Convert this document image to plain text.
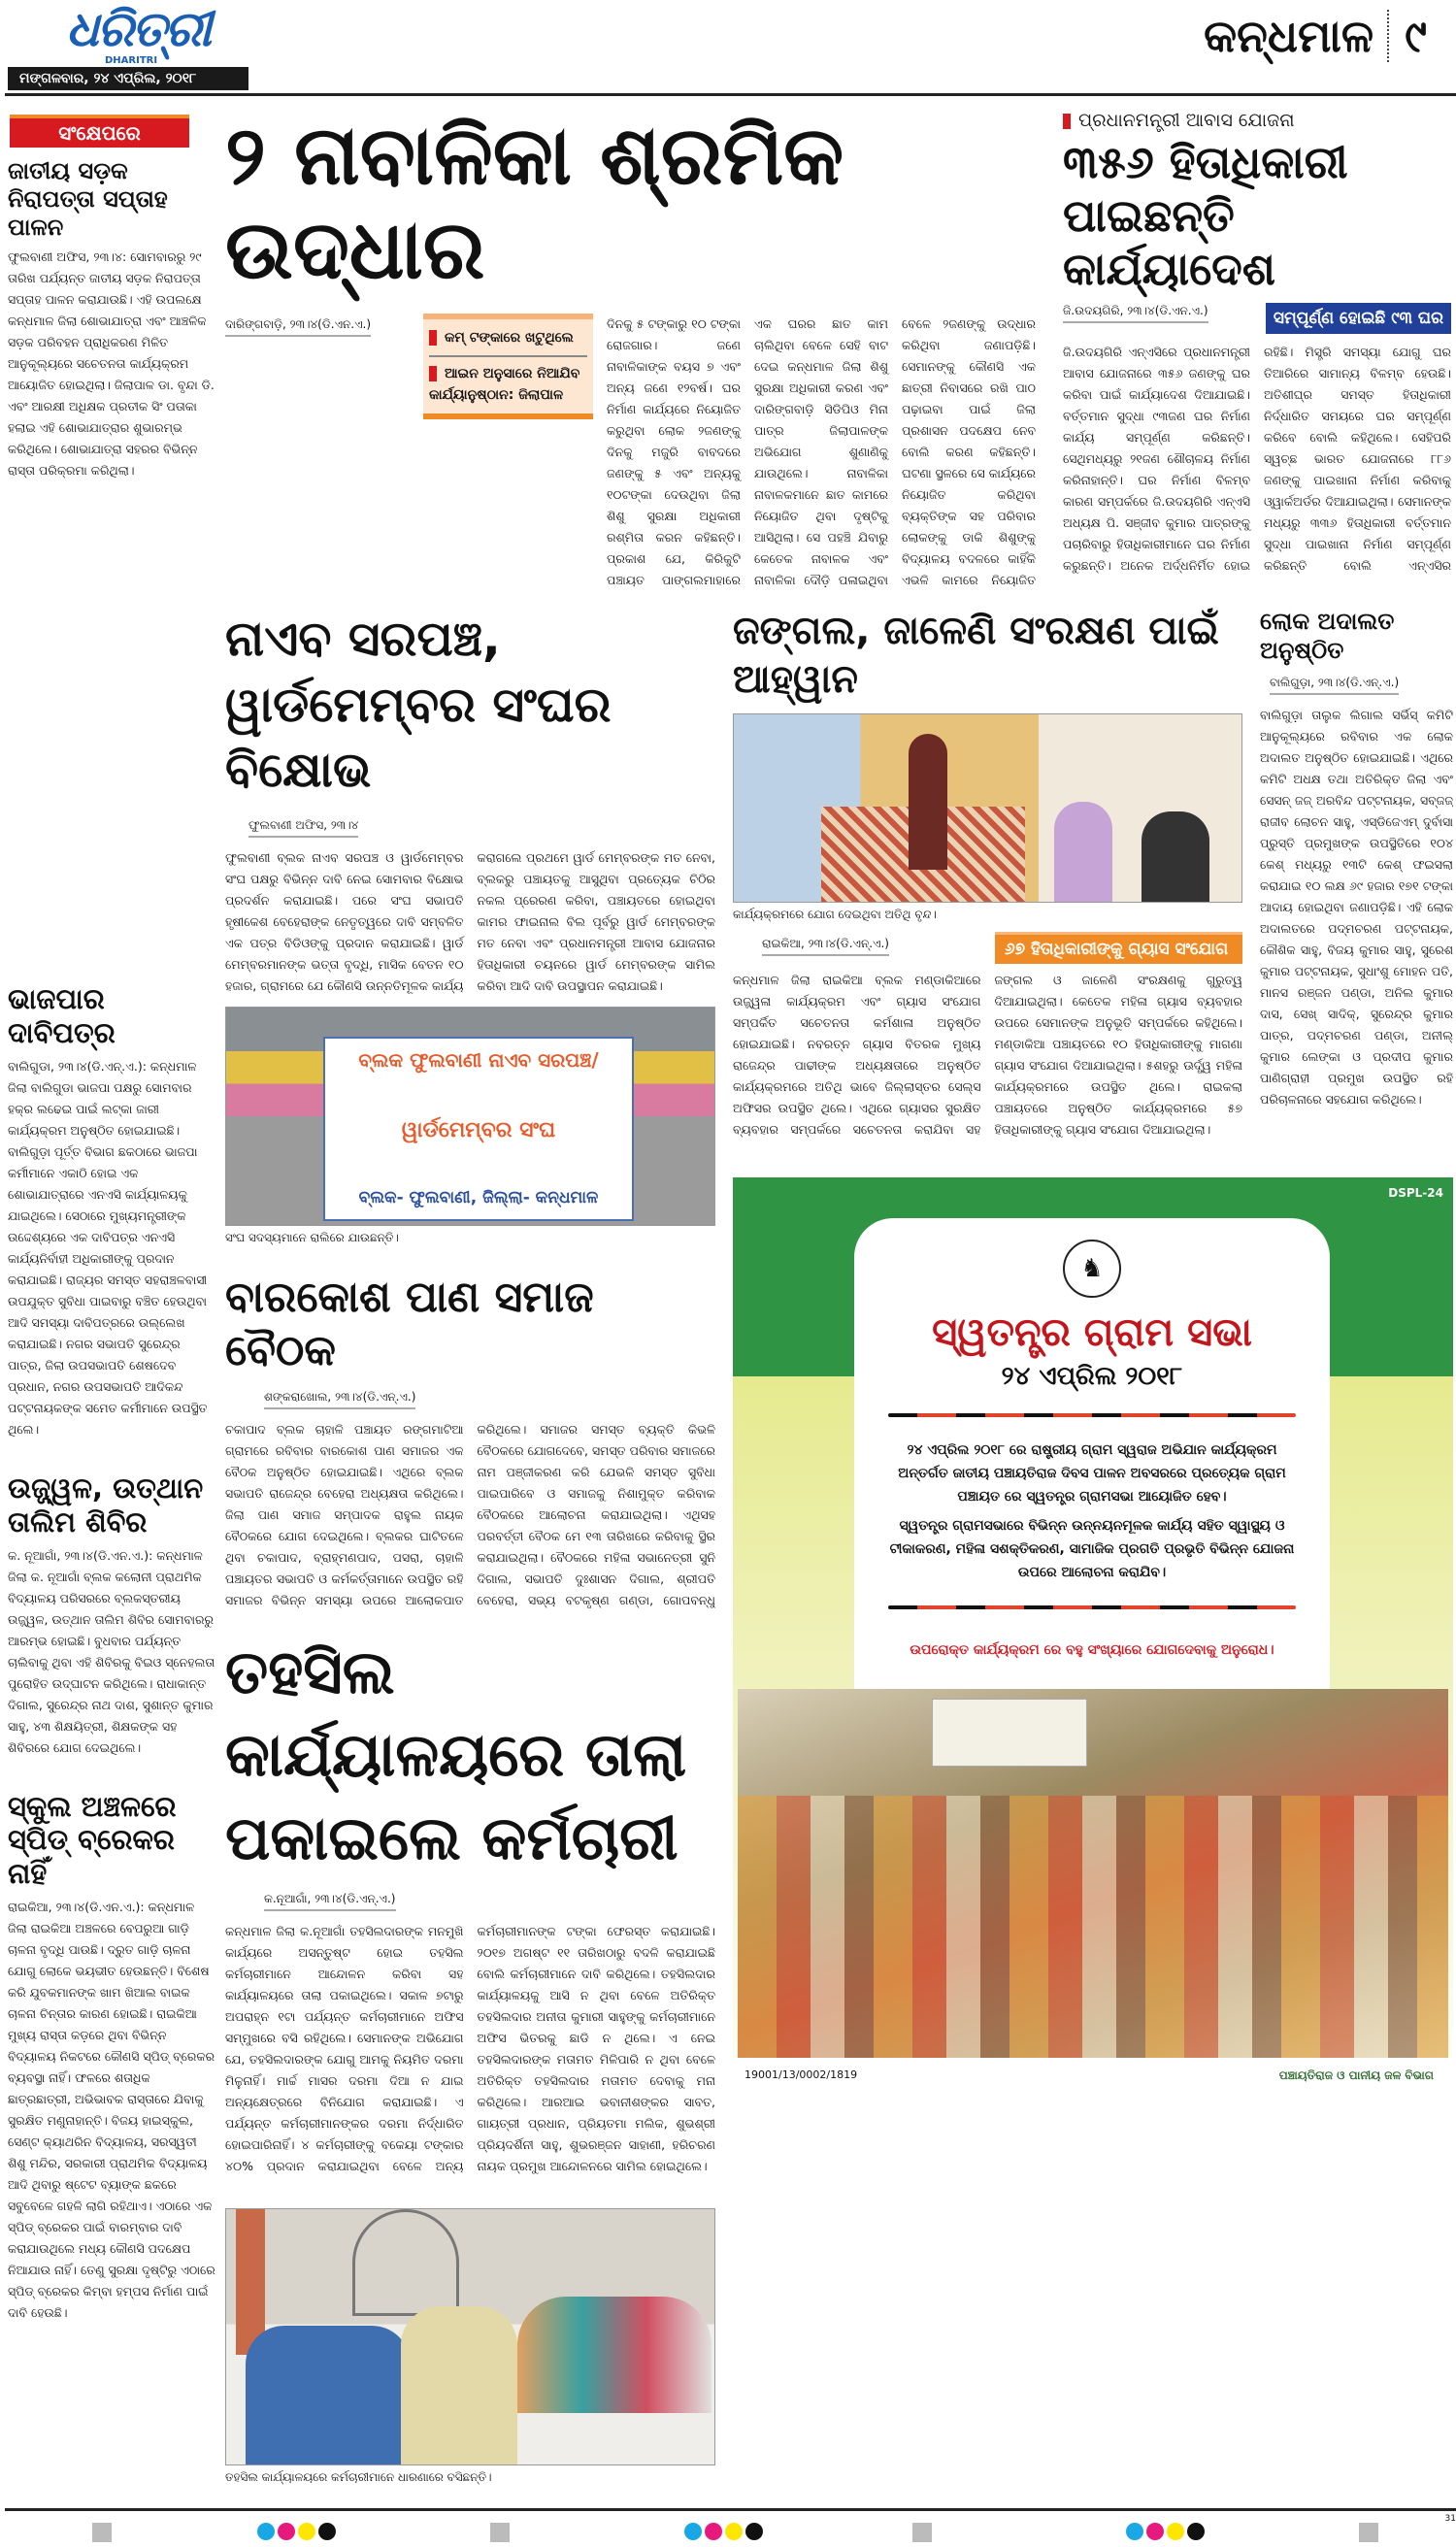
ଧରିତ୍ରୀ
DHARITRI
ମଙ୍ଗଳବାର, ୨୪ ଏପ୍ରିଲ, ୨୦୧୮
କନ୍ଧମାଳ ୯
ସଂକ୍ଷେପରେ
ଜାତୀୟ ସଡ଼କ ନିରାପତ୍ତା ସପ୍ତାହ ପାଳନ

ଫୁଲବାଣୀ ଅଫିସ, ୨୩।୪: ସୋମବାରରୁ ୨୯ ତାରିଖ ପର୍ଯ୍ୟନ୍ତ ଜାତୀୟ ସଡ଼କ ନିରାପତ୍ତା ସପ୍ତାହ ପାଳନ କରାଯାଉଛି। ଏହି ଉପଲକ୍ଷେ କନ୍ଧମାଳ ଜିଲା ଶୋଭାଯାତ୍ରା ଏବଂ ଆଞ୍ଚଳିକ ସଡ଼କ ପରିବହନ ପ୍ରାଧିକରଣ ମିଳିତ ଆନୁକୂଲ୍ୟରେ ସଚେତନତା କାର୍ଯ୍ୟକ୍ରମ ଆୟୋଜିତ ହୋଇଥିଲା। ଜିଲାପାଳ ଡା. ବୃନ୍ଦା ଡି. ଏବଂ ଆରକ୍ଷୀ ଅଧିକ୍ଷକ ପ୍ରତୀକ ସିଂ ପତାକା ହଲାଇ ଏହି ଶୋଭାଯାତ୍ରାର ଶୁଭାରମ୍ଭ କରିଥିଲେ। ଶୋଭାଯାତ୍ରା ସହରର ବିଭିନ୍ନ ରାସ୍ତା ପରିକ୍ରମା କରିଥିଲା।

ଭାଜପାର ଦାବିପତ୍ର

ବାଲିଗୁଡା, ୨୩।୪(ଡି.ଏନ୍.ଏ.): କନ୍ଧମାଳ ଜିଲା ବାଲିଗୁଡା ଭାଜପା ପକ୍ଷରୁ ସୋମବାର ହକ୍‌ର ଲଢେଇ ପାଇଁ ଲଟ୍‌କା ଜାରୀ କାର୍ଯ୍ୟକ୍ରମ ଅନୁଷ୍ଠିତ ହୋଇଯାଇଛି। ବାଲିଗୁଡ଼ା ପୂର୍ତ୍ତ ବିଭାଗ ଛକଠାରେ ଭାଜପା କର୍ମୀମାନେ ଏକାଠି ହୋଇ ଏକ ଶୋଭାଯାତ୍ରାରେ ଏନଏସି କାର୍ଯ୍ୟାଳୟକୁ ଯାଇଥିଲେ। ସେଠାରେ ମୁଖ୍ୟମନ୍ତ୍ରୀଙ୍କ ଉଦ୍ଦେଶ୍ୟରେ ଏକ ଦାବିପତ୍ର ଏନଏସି କାର୍ଯ୍ୟନିର୍ବାହୀ ଅଧିକାରୀଙ୍କୁ ପ୍ରଦାନ କରାଯାଇଛି। ରାଜ୍ୟର ସମସ୍ତ ସହରାଞ୍ଚଳବାସୀ ଉପଯୁକ୍ତ ସୁବିଧା ପାଇବାରୁ ବଞ୍ଚିତ ହେଉଥିବା ଆଦି ସମସ୍ୟା ଦାବିପତ୍ରରେ ଉଲ୍ଲେଖ କରାଯାଇଛି। ନଗର ସଭାପତି ସୁରେନ୍ଦ୍ର ପାତ୍ର, ଜିଲା ଉପସଭାପତି ଶେଷଦେବ ପ୍ରଧାନ, ନଗର ଉପସଭାପତି ଆଦିକନ୍ଦ ପଟ୍ଟନାୟକଙ୍କ ସମେତ କର୍ମୀମାନେ ଉପସ୍ଥିତ ଥିଲେ।

ଉଜ୍ଜ୍ୱଳ, ଉତ୍‌ଥାନ ତାଲିମ ଶିବିର

କ. ନୂଆଗାଁ, ୨୩।୪(ଡି.ଏନ.ଏ.): କନ୍ଧମାଳ ଜିଲା କ. ନୂଆଗାଁ ବ୍ଲକ କଲୋନୀ ପ୍ରାଥମିକ ବିଦ୍ୟାଳୟ ପରିସରରେ ବ୍ଲକସ୍ତରୀୟ ଉଜ୍ଜ୍ୱଳ, ଉତ୍‌ଥାନ ତାଲିମ ଶିବିର ସୋମବାରରୁ ଆରମ୍ଭ ହୋଇଛି। ବୁଧବାର ପର୍ଯ୍ୟନ୍ତ ଚାଲିବାକୁ ଥିବା ଏହି ଶିବିରକୁ ବିଇଓ ସ୍ନେହଲତା ପୁରୋହିତ ଉଦ୍‌ଘାଟନ କରିଥିଲେ। ରାଧାକାନ୍ତ ଦିଗାଲ, ସୁରେନ୍ଦ୍ର ନାଥ ଦାଶ, ସୁଶାନ୍ତ କୁମାର ସାହୁ, ୪୩ ଶିକ୍ଷୟିତ୍ରୀ, ଶିକ୍ଷକଙ୍କ ସହ ଶିବିରରେ ଯୋଗ ଦେଇଥିଲେ।

ସ୍କୁଲ ଅଞ୍ଚଳରେ ସ୍ପିଡ୍ ବ୍ରେକର ନାହିଁ

ରାଇକିଆ, ୨୩।୪(ଡି.ଏନ.ଏ.): କନ୍ଧମାଳ ଜିଲା ରାଇକିଆ ଅଞ୍ଚଳରେ ବେପରୁଆ ଗାଡ଼ି ଚାଳନା ବୃଦ୍ଧି ପାଉଛି। ଦ୍ରୁତ ଗାଡ଼ି ଚାଳନା ଯୋଗୁ ଲୋକେ ଭୟଭୀତ ହେଉଛନ୍ତି। ବିଶେଷ କରି ଯୁବକମାନଙ୍କ ଖାମ ଖିଆଲ ବାଇକ ଚାଳନା ଚିନ୍ତାର କାରଣ ହୋଇଛି। ରାଇକିଆ ମୁଖ୍ୟ ରାସ୍ତା କଡ଼ରେ ଥିବା ବିଭିନ୍ନ ବିଦ୍ୟାଳୟ ନିକଟରେ କୌଣସି ସ୍ପିଡ୍ ବ୍ରେକର ବ୍ୟବସ୍ଥା ନାହିଁ। ଫଳରେ ଶତାଧିକ ଛାତ୍ରଛାତ୍ରୀ, ଅଭିଭାବକ ରାସ୍ତାରେ ଯିବାକୁ ସୁରକ୍ଷିତ ମଣୁନାହାନ୍ତି। ବିଜୟ ହାଇସ୍କୁଲ, ସେଣ୍ଟ କ୍ୟାଥରିନ ବିଦ୍ୟାଳୟ, ସରସ୍ୱତୀ ଶିଶୁ ମନ୍ଦିର, ସରକାରୀ ପ୍ରାଥମିକ ବିଦ୍ୟାଳୟ ଆଦି ଥିବାରୁ ଷ୍ଟେଟ ବ୍ୟାଙ୍କ ଛକରେ ସବୁବେଳେ ଗହଳି ଲାଗି ରହିଥାଏ। ଏଠାରେ ଏକ ସ୍ପିଡ୍ ବ୍ରେକର ପାଇଁ ବାରମ୍ବାର ଦାବି କରାଯାଉଥିଲେ ମଧ୍ୟ କୌଣସି ପଦକ୍ଷେପ ନିଆଯାଉ ନାହିଁ। ତେଣୁ ସୁରକ୍ଷା ଦୃଷ୍ଟିରୁ ଏଠାରେ ସ୍ପିଡ୍ ବ୍ରେକର କିମ୍ବା ହମ୍ପସ ନିର୍ମାଣ ପାଇଁ ଦାବି ହେଉଛି।

୨ ନାବାଳିକା ଶ୍ରମିକ ଉଦ୍ଧାର
ଦାରିଙ୍ଗବାଡ଼ି, ୨୩।୪(ଡି.ଏନ.ଏ.)
କମ୍ ଟଙ୍କାରେ ଖଟୁଥିଲେ
ଆଇନ ଅନୁସାରେ ନିଆଯିବ କାର୍ଯ୍ୟାନୁଷ୍ଠାନ: ଜିଲାପାଳ

ଦିନକୁ ୫ ଟଙ୍କାରୁ ୧୦ ଟଙ୍କା ରୋଜଗାର। ଜଣେ ନାବାଳିକାଙ୍କ ବୟସ ୭ ଏବଂ ଅନ୍ୟ ଜଣେ ୧୨ବର୍ଷ। ଘର ନିର୍ମାଣ କାର୍ଯ୍ୟରେ ନିୟୋଜିତ କରୁଥିବା ଲୋକ ୨ଜଣଙ୍କୁ ଦିନକୁ ମଜୁରି ବାବଦରେ ଜଣଙ୍କୁ ୫ ଏବଂ ଅନ୍ୟକୁ ୧୦ଟଙ୍କା ଦେଉଥିବା ଜିଲା ଶିଶୁ ସୁରକ୍ଷା ଅଧିକାରୀ ରଶ୍ମିତା କରନ କହିଛନ୍ତି। ପ୍ରକାଶ ଯେ, କିରିକୁଟି ପଞ୍ଚାୟତ ପାଙ୍ଗଲମାହାରେ ଏକ ଘରର ଛାତ କାମ ଚାଲିଥିବା ବେଳେ ସେହି ବାଟ ଦେଇ କନ୍ଧମାଳ ଜିଲା ଶିଶୁ ସୁରକ୍ଷା ଅଧିକାରୀ କରଣ ଏବଂ ଦାରିଙ୍ଗବାଡ଼ି ସିଡିପିଓ ମିନା ପାତ୍ର ଜିଲାପାଳଙ୍କ ଅଭିଯୋଗ ଶୁଣାଣିକୁ ଯାଉଥିଲେ। ନାବାଳିକା ନାବାଳକମାନେ ଛାତ କାମରେ ନିୟୋଜିତ ଥିବା ଦୃଷ୍ଟିକୁ ଆସିଥିଲା। ସେ ପହଞ୍ଚି ଯିବାରୁ କେତେକ ନାବାଳକ ଏବଂ ନାବାଳିକା ଦୌଡ଼ି ପଳାଇଥିବା ବେଳେ ୨ଜଣଙ୍କୁ ଉଦ୍ଧାର କରିଥିବା ଜଣାପଡ଼ିଛି। ସେମାନଙ୍କୁ କୌଣସି ଏକ ଛାତ୍ରୀ ନିବାସରେ ରଖି ପାଠ ପଢ଼ାଇବା ପାଇଁ ଜିଲା ପ୍ରଶାସନ ପଦକ୍ଷେପ ନେବ ବୋଲି କରଣ କହିଛନ୍ତି। ଘଟଣା ସ୍ଥଳରେ ସେ କାର୍ଯ୍ୟରେ ନିୟୋଜିତ କରିଥିବା ବ୍ୟକ୍ତିଙ୍କ ସହ ପରିବାର ଲୋକଙ୍କୁ ଡାକି ଶିଶୁଙ୍କୁ ବିଦ୍ୟାଳୟ ବଦଳରେ କାହିଁକି ଏଭଳି କାମରେ ନିୟୋଜିତ

ପ୍ରଧାନମନ୍ତ୍ରୀ ଆବାସ ଯୋଜନା
୩୫୬ ହିତାଧିକାରୀ ପାଇଛନ୍ତି କାର୍ଯ୍ୟାଦେଶ
ଜି.ଉଦୟଗିରି, ୨୩।୪(ଡି.ଏନ.ଏ.)	ସମ୍ପୂର୍ଣ୍ଣ ହୋଇଛି ୯୩ ଘର

ଜି.ଉଦୟଗିରି ଏନ୍‌ଏସିରେ ପ୍ରଧାନମନ୍ତ୍ରୀ ଆବାସ ଯୋଜନାରେ ୩୫୬ ଜଣଙ୍କୁ ଘର କରିବା ପାଇଁ କାର୍ଯ୍ୟାଦେଶ ଦିଆଯାଇଛି। ବର୍ତ୍ତମାନ ସୁଦ୍ଧା ୯୩ଜଣ ଘର ନିର୍ମାଣ କାର୍ଯ୍ୟ ସମ୍ପୂର୍ଣ୍ଣ କରିଛନ୍ତି। ସେଥିମଧ୍ୟରୁ ୨୧ଜଣ ଶୌଚାଳୟ ନିର୍ମାଣ କରିନାହାନ୍ତି। ଘର ନିର୍ମାଣ ବିଳମ୍ବ କାରଣ ସମ୍ପର୍କରେ ଜି.ଉଦୟଗିରି ଏନ୍‌ଏସି ଅଧ୍ୟକ୍ଷ ପି. ସଞ୍ଜୀବ କୁମାର ପାତ୍ରଙ୍କୁ ପଚାରିବାରୁ ହିତାଧିକାରୀମାନେ ଘର ନିର୍ମାଣ କରୁଛନ୍ତି। ଅନେକ ଅର୍ଦ୍ଧନିର୍ମିତ ହୋଇ ରହିଛି। ମିସ୍ତ୍ରି ସମସ୍ୟା ଯୋଗୁ ଘର ତିଆରିରେ ସାମାନ୍ୟ ବିଳମ୍ବ ହେଉଛି। ଅତିଶୀଘ୍ର ସମସ୍ତ ହିତାଧିକାରୀ ନିର୍ଦ୍ଧାରିତ ସମୟରେ ଘର ସମ୍ପୂର୍ଣ୍ଣ କରିବେ ବୋଲି କହିଥିଲେ। ସେହିପରି ସ୍ୱଚ୍ଛ ଭାରତ ଯୋଜନାରେ ୮୮୬ ଜଣଙ୍କୁ ପାଇଖାନା ନିର୍ମାଣ କରିବାକୁ ଓ୍ୱାର୍କଅର୍ଡର ଦିଆଯାଇଥିଲା। ସେମାନଙ୍କ ମଧ୍ୟରୁ ୩୩୬ ହିତାଧିକାରୀ ବର୍ତ୍ତମାନ ସୁଦ୍ଧା ପାଇଖାନା ନିର୍ମାଣ ସମ୍ପୂର୍ଣ୍ଣ କରିଛନ୍ତି ବୋଲି ଏନ୍‌ଏସିର

ନାଏବ ସରପଞ୍ଚ, ୱାର୍ଡମେମ୍ବର ସଂଘର ବିକ୍ଷୋଭ
ଫୁଲବାଣୀ ଅଫିସ, ୨୩।୪

ଫୁଲବାଣୀ ବ୍ଲକ ନାଏବ ସରପଞ୍ଚ ଓ ୱାର୍ଡମେମ୍ବର ସଂଘ ପକ୍ଷରୁ ବିଭିନ୍ନ ଦାବି ନେଇ ସୋମବାର ବିକ୍ଷୋଭ ପ୍ରଦର୍ଶନ କରାଯାଇଛି। ପରେ ସଂଘ ସଭାପତି ହୃଷୀକେଶ ବେହେରାଙ୍କ ନେତୃତ୍ୱରେ ଦାବି ସମ୍ବଳିତ ଏକ ପତ୍ର ବିଡିଓଙ୍କୁ ପ୍ରଦାନ କରାଯାଇଛି। ୱାର୍ଡ ମେମ୍ବରମାନଙ୍କ ଭତ୍ତା ବୃଦ୍ଧି, ମାସିକ ବେତନ ୧୦ ହଜାର, ଗ୍ରାମରେ ଯେ କୌଣସି ଉନ୍ନତିମୂଳକ କାର୍ଯ୍ୟ କରାଗଲେ ପ୍ରଥମେ ୱାର୍ଡ ମେମ୍ବରଙ୍କ ମତ ନେବା, ବ୍ଲକରୁ ପଞ୍ଚାୟତକୁ ଆସୁଥିବା ପ୍ରତ୍ୟେକ ଚିଠିର ନକଲ ପ୍ରେରଣ କରିବା, ପଞ୍ଚାୟତରେ ହୋଇଥିବା କାମର ଫାଇନାଲ ବିଲ ପୂର୍ବରୁ ୱାର୍ଡ ମେମ୍ବରଙ୍କ ମତ ନେବା ଏବଂ ପ୍ରଧାନମନ୍ତ୍ରୀ ଆବାସ ଯୋଜନାର ହିତାଧିକାରୀ ଚୟନରେ ୱାର୍ଡ ମେମ୍ବରଙ୍କ ସାମିଲ କରିବା ଆଦି ଦାବି ଉପସ୍ଥାପନ କରାଯାଇଛି।

ବ୍ଲକ ଫୁଲବାଣୀ ନାଏବ ସରପଞ୍ଚ/
ୱାର୍ଡମେମ୍ବର ସଂଘ
ବ୍ଲକ- ଫୁଲବାଣୀ, ଜିଲ୍ଲା- କନ୍ଧମାଳ
ସଂଘ ସଦସ୍ୟମାନେ ରାଲିରେ ଯାଉଛନ୍ତି।
ବାରକୋଶ ପାଣ ସମାଜ ବୈଠକ
ଶଙ୍କରାଖୋଲ, ୨୩।୪(ଡି.ଏନ୍.ଏ.)

ଚକାପାଦ ବ୍ଲକ ଚାହାଳି ପଞ୍ଚାୟତ ରଙ୍ଗମାଟିଆ ଗ୍ରାମରେ ରବିବାର ବାରକୋଶ ପାଣ ସମାଜର ଏକ ବୈଠକ ଅନୁଷ୍ଠିତ ହୋଇଯାଇଛି। ଏଥିରେ ବ୍ଲକ ସଭାପତି ରାଜେନ୍ଦ୍ର ବେହେରା ଅଧ୍ୟକ୍ଷତା କରିଥିଲେ। ଜିଲା ପାଣ ସମାଜ ସମ୍ପାଦକ ରାହୁଲ ନାୟକ ବୈଠକରେ ଯୋଗ ଦେଇଥିଲେ। ବ୍ଲକର ଘାଟିତଳେ ଥିବା ଚକାପାଦ, ବ୍ରାହ୍ମଣପାଦ, ପସରା, ଚାହାଳି ପଞ୍ଚାୟତର ସଭାପତି ଓ କର୍ମକର୍ତ୍ତାମାନେ ଉପସ୍ଥିତ ରହି ସମାଜର ବିଭିନ୍ନ ସମସ୍ୟା ଉପରେ ଆଲୋକପାତ କରିଥିଲେ। ସମାଜର ସମସ୍ତ ବ୍ୟକ୍ତି କିଭଳି ବୈଠକରେ ଯୋଗଦେବେ, ସମସ୍ତ ପରିବାର ସମାଜରେ ନାମ ପଞ୍ଜୀକରଣ କରି ଯେଭଳି ସମସ୍ତ ସୁବିଧା ପାଇପାରିବେ ଓ ସମାଜକୁ ନିଶାମୁକ୍ତ କରିବାକ ବୈଠକରେ ଆଲୋଚନା କରାଯାଇଥିଲା। ଏଥିସହ ପରବର୍ତ୍ତୀ ବୈଠକ ମେ ୧୩ ତାରିଖରେ କରିବାକୁ ସ୍ଥିର କରାଯାଇଥିଲା। ବୈଠକରେ ମହିଳା ସଭାନେତ୍ରୀ ସୁନି ଦିଗାଲ, ସଭାପତି ଦୁଃଶାସନ ଦିଗାଲ, ଶ୍ରୀପତି ବେହେରା, ସଭ୍ୟ ବଟକୃଷ୍ଣ ଗଣ୍ଡା, ଗୋପବନ୍ଧୁ

ତହସିଲ କାର୍ଯ୍ୟାଳୟରେ ତାଲା ପକାଇଲେ କର୍ମଚାରୀ
କ.ନୂଆଗାଁ, ୨୩।୪(ଡି.ଏନ୍.ଏ.)

କନ୍ଧମାଳ ଜିଲା କ.ନୂଆଗାଁ ତହସିଲଦାରଙ୍କ ମନମୁଖି କାର୍ଯ୍ୟରେ ଅସନ୍ତୁଷ୍ଟ ହୋଇ ତହସିଲ କର୍ମଚାରୀମାନେ ଆନ୍ଦୋଳନ କରିବା ସହ କାର୍ଯ୍ୟାଳୟରେ ତାଲା ପକାଇଥିଲେ। ସକାଳ ୭ଟାରୁ ଅପରାହ୍ନ ୧ଟା ପର୍ଯ୍ୟନ୍ତ କର୍ମଚାରୀମାନେ ଅଫିସ ସମ୍ମୁଖରେ ବସି ରହିଥିଲେ। ସେମାନଙ୍କ ଅଭିଯୋଗ ଯେ, ତହସିଲଦାରଙ୍କ ଯୋଗୁ ଆମକୁ ନିୟମିତ ଦରମା ମିଳୁନାହିଁ। ମାର୍ଚ୍ଚ ମାସର ଦରମା ଦିଆ ନ ଯାଇ ଅନ୍ୟକ୍ଷେତ୍ରରେ ବିନିଯୋଗ କରାଯାଇଛି। ଏ ପର୍ଯ୍ୟନ୍ତ କର୍ମଚାରୀମାନଙ୍କର ଦରମା ନିର୍ଦ୍ଧାରିତ ହୋଇପାରିନାହିଁ। ୪ କର୍ମଚାରୀଙ୍କୁ ବକେୟା ଟଙ୍କାର ୪୦% ପ୍ରଦାନ କରାଯାଇଥିବା ବେଳେ ଅନ୍ୟ କର୍ମଚାରୀମାନଙ୍କ ଟଙ୍କା ଫେରସ୍ତ କରାଯାଇଛି। ୨୦୧୭ ଅଗଷ୍ଟ ୧୧ ତାରିଖଠାରୁ ବଦଳି କରାଯାଇଛି ବୋଲି କର୍ମଚାରୀମାନେ ଦାବି କରିଥିଲେ। ତହସିଲଦାର କାର୍ଯ୍ୟାଳୟକୁ ଆସି ନ ଥିବା ବେଳେ ଅତିରିକ୍ତ ତହସିଲଦାର ଅନୀତା କୁମାରୀ ସାହୁଙ୍କୁ କର୍ମଚାରୀମାନେ ଅଫିସ ଭିତରକୁ ଛାଡି ନ ଥିଲେ। ଏ ନେଇ ତହସିଲଦାରଙ୍କ ମତାମତ ମିଳିପାରି ନ ଥିବା ବେଳେ ଅତିରିକ୍ତ ତହସିଲଦାର ମତାମତ ଦେବାକୁ ମନା କରିଥିଲେ। ଆରଆଇ ଭବାନୀଶଙ୍କର ସାବତ, ଗାୟତ୍ରୀ ପ୍ରଧାନ, ପ୍ରିୟତମା ମଲିକ, ଶୁଭଶ୍ରୀ ପ୍ରିୟଦର୍ଶିନୀ ସାହୁ, ଶୁଭରଞ୍ଜନ ସାହାଣୀ, ହରିଚରଣ ନାୟକ ପ୍ରମୁଖ ଆନ୍ଦୋଳନରେ ସାମିଲ ହୋଇଥିଲେ।

ତହସିଲ କାର୍ଯ୍ୟାଳୟରେ କର୍ମଚାରୀମାନେ ଧାରଣାରେ ବସିଛନ୍ତି।
ଜଙ୍ଗଲ, ଜାଳେଣି ସଂରକ୍ଷଣ ପାଇଁ ଆହ୍ୱାନ
କାର୍ଯ୍ୟକ୍ରମରେ ଯୋଗ ଦେଇଥିବା ଅତିଥି ବୃନ୍ଦ।
ରାଇକିଆ, ୨୩।୪(ଡି.ଏନ୍.ଏ.)	୬୭ ହିତାଧିକାରୀଙ୍କୁ ଗ୍ୟାସ ସଂଯୋଗ

କନ୍ଧମାଳ ଜିଲା ରାଇକିଆ ବ୍ଲକ ମଣ୍ଡାକିଆରେ ଉଜ୍ଜ୍ୱଳା କାର୍ଯ୍ୟକ୍ରମ ଏବଂ ଗ୍ୟାସ ସଂଯୋଗ ସମ୍ପର୍କିତ ସଚେତନତା କର୍ମଶାଳା ଅନୁଷ୍ଠିତ ହୋଇଯାଇଛି। ନବରତ୍ନ ଗ୍ୟାସ ବିତରକ ମୁଖ୍ୟ ରାଜେନ୍ଦ୍ର ପାଢୀଙ୍କ ଅଧ୍ୟକ୍ଷତାରେ ଅନୁଷ୍ଠିତ କାର୍ଯ୍ୟକ୍ରମରେ ଅତିଥି ଭାବେ ଜିଲ୍ଲାସ୍ତର ସେଲ୍ସ ଅଫିସର ଉପସ୍ଥିତ ଥିଲେ। ଏଥିରେ ଗ୍ୟାସର ସୁରକ୍ଷିତ ବ୍ୟବହାର ସମ୍ପର୍କରେ ସଚେତନତା କରାଯିବା ସହ ଜଙ୍ଗଲ ଓ ଜାଳେଣି ସଂରକ୍ଷଣକୁ ଗୁରୁତ୍ୱ ଦିଆଯାଇଥିଲା। କେତେକ ମହିଳା ଗ୍ୟାସ ବ୍ୟବହାର ଉପରେ ସେମାନଙ୍କ ଅନୁଭୂତି ସମ୍ପର୍କରେ କହିଥିଲେ। ମଣ୍ଡାକିଆ ପଞ୍ଚାୟତରେ ୧୦ ହିତାଧିକାରୀଙ୍କୁ ମାଗଣା ଗ୍ୟାସ ସଂଯୋଗ ଦିଆଯାଇଥିଲା। ୫ଶହରୁ ଊର୍ଦ୍ଧ୍ୱ ମହିଳା କାର୍ଯ୍ୟକ୍ରମରେ ଉପସ୍ଥିତ ଥିଲେ। ରାଇକଲା ପଞ୍ଚାୟତରେ ଅନୁଷ୍ଠିତ କାର୍ଯ୍ୟକ୍ରମରେ ୫୭ ହିତାଧିକାରୀଙ୍କୁ ଗ୍ୟାସ ସଂଯୋଗ ଦିଆଯାଇଥିଲା।

ଲୋକ ଅଦାଲତ ଅନୁଷ୍ଠିତ
ବାଲିଗୁଡ଼ା, ୨୩।୪(ଡି.ଏନ୍.ଏ.)

ବାଲିଗୁଡ଼ା ତାଲୁକ ଲିଗାଲ ସର୍ଭିସ୍ କମିଟି ଆନୁକୂଲ୍ୟରେ ରବିବାର ଏକ ଲୋକ ଅଦାଲତ ଅନୁଷ୍ଠିତ ହୋଇଯାଇଛି। ଏଥିରେ କମିଟି ଅଧକ୍ଷ ତଥା ଅତିରିକ୍ତ ଜିଲା ଏବଂ ସେସନ୍ ଜଜ୍ ଅରବିନ୍ଦ ପଟ୍ଟନାୟକ, ସବ୍‌ଜଜ୍ ରାଜୀବ ଲୋଚନ ସାହୁ, ଏସ୍‌ଡିଜେଏମ୍ ଦୁର୍ବାସା ପ୍ରୁସ୍ତି ପ୍ରମୁଖଙ୍କ ଉପସ୍ଥିତିରେ ୧୦୪ କେଶ୍ ମଧ୍ୟରୁ ୧୩ଟି କେଶ୍ ଫଇସଲା କରାଯାଇ ୧୦ ଲକ୍ଷ ୬୯ ହଜାର ୧୭୧ ଟଙ୍କା ଆଦାୟ ହୋଇଥିବା ଜଣାପଡ଼ିଛି। ଏହି ଲୋକ ଅଦାଲତରେ ପଦ୍ମଚରଣ ପଟ୍ଟନାୟକ, କୌଶିକ ସାହୁ, ବିଜୟ କୁମାର ସାହୁ, ସୁରେଶ କୁମାର ପଟ୍ଟନାୟକ, ସୁଧାଂଶୁ ମୋହନ ପତି, ମାନସ ରଞ୍ଜନ ପଣ୍ଡା, ଅନିଲ କୁମାର ଦାସ, ସେଖ୍ ସାଦିକ୍, ସୁରେନ୍ଦ୍ର କୁମାର ପାତ୍ର, ପଦ୍ମଚରଣ ପଣ୍ଡା, ଅନୀଲ୍ କୁମାର ଲେଙ୍କା ଓ ପ୍ରଦୀପ କୁମାର ପାଣିଗ୍ରାହୀ ପ୍ରମୁଖ ଉପସ୍ଥିତ ରହି ପରିଚାଳନାରେ ସହଯୋଗ କରିଥିଲେ।

DSPL-24
♞
ସ୍ୱତନ୍ତ୍ର ଗ୍ରାମ ସଭା
୨୪ ଏପ୍ରିଲ ୨୦୧୮

୨୪ ଏପ୍ରିଲ ୨୦୧୮ ରେ ରାଷ୍ଟ୍ରୀୟ ଗ୍ରାମ ସ୍ୱରାଜ ଅଭିଯାନ କାର୍ଯ୍ୟକ୍ରମ ଅନ୍ତର୍ଗତ ଜାତୀୟ ପଞ୍ଚାୟତିରାଜ ଦିବସ ପାଳନ ଅବସରରେ ପ୍ରତ୍ୟେକ ଗ୍ରାମ ପଞ୍ଚାୟତ ରେ ସ୍ୱତନ୍ତ୍ର ଗ୍ରାମସଭା ଆୟୋଜିତ ହେବ।

ସ୍ୱତନ୍ତ୍ର ଗ୍ରାମସଭାରେ ବିଭିନ୍ନ ଉନ୍ନୟନମୂଳକ କାର୍ଯ୍ୟ ସହିତ ସ୍ୱାସ୍ଥ୍ୟ ଓ ଟୀକାକରଣ, ମହିଳା ସଶକ୍ତିକରଣ, ସାମାଜିକ ପ୍ରଗତି ପ୍ରଭୃତି ବିଭିନ୍ନ ଯୋଜନା ଉପରେ ଆଲୋଚନା କରାଯିବ।

ଉପରୋକ୍ତ କାର୍ଯ୍ୟକ୍ରମ ରେ ବହୁ ସଂଖ୍ୟାରେ ଯୋଗଦେବାକୁ ଅନୁରୋଧ।
19001/13/0002/1819	ପଞ୍ଚାୟତିରାଜ ଓ ପାନୀୟ ଜଳ ବିଭାଗ
31
